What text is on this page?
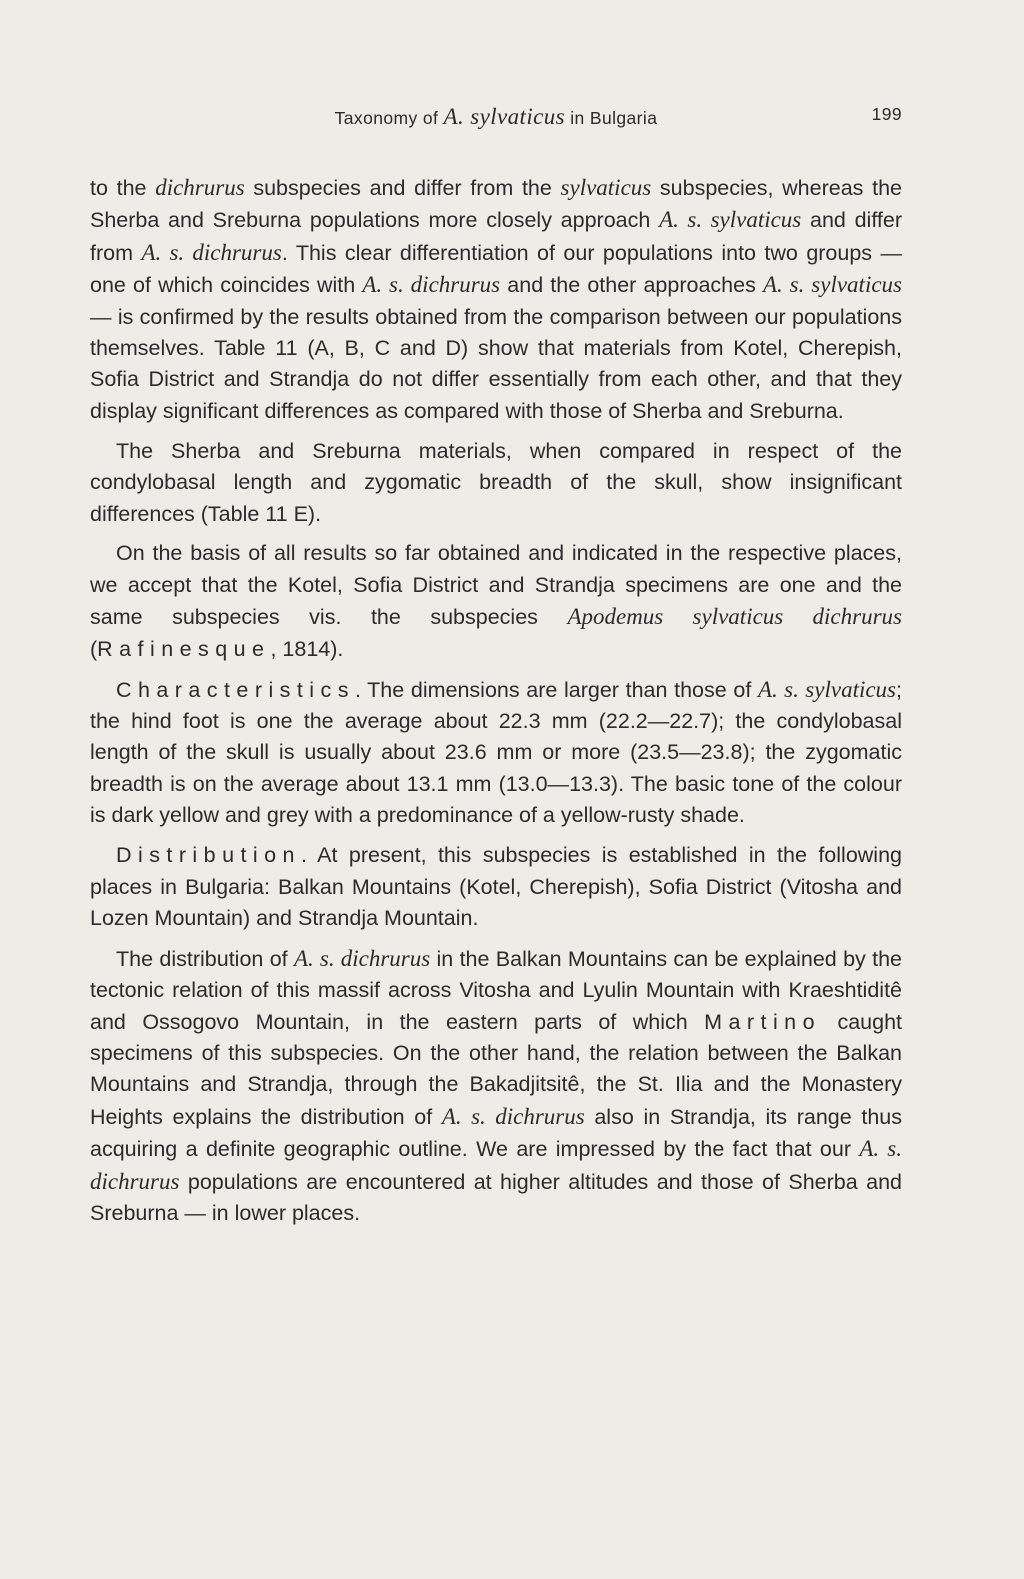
Taxonomy of A. sylvaticus in Bulgaria	199

to the dichrurus subspecies and differ from the sylvaticus subspecies, whereas the Sherba and Sreburna populations more closely approach A. s. sylvaticus and differ from A. s. dichrurus. This clear differentiation of our populations into two groups — one of which coincides with A. s. dichrurus and the other approaches A. s. sylvaticus — is confirmed by the results obtained from the comparison between our populations themselves. Table 11 (A, B, C and D) show that materials from Kotel, Cherepish, Sofia District and Strandja do not differ essentially from each other, and that they display significant differences as compared with those of Sherba and Sreburna.

The Sherba and Sreburna materials, when compared in respect of the condylobasal length and zygomatic breadth of the skull, show insignificant differences (Table 11 E).

On the basis of all results so far obtained and indicated in the respective places, we accept that the Kotel, Sofia District and Strandja specimens are one and the same subspecies vis. the subspecies Apodemus sylvaticus dichrurus (Rafinesque, 1814).

Characteristics. The dimensions are larger than those of A. s. sylvaticus; the hind foot is one the average about 22.3 mm (22.2—22.7); the condylobasal length of the skull is usually about 23.6 mm or more (23.5—23.8); the zygomatic breadth is on the average about 13.1 mm (13.0—13.3). The basic tone of the colour is dark yellow and grey with a predominance of a yellow-rusty shade.

Distribution. At present, this subspecies is established in the following places in Bulgaria: Balkan Mountains (Kotel, Cherepish), Sofia District (Vitosha and Lozen Mountain) and Strandja Mountain.

The distribution of A. s. dichrurus in the Balkan Mountains can be explained by the tectonic relation of this massif across Vitosha and Lyulin Mountain with Kraeshtiditê and Ossogovo Mountain, in the eastern parts of which Martino caught specimens of this subspecies. On the other hand, the relation between the Balkan Mountains and Strandja, through the Bakadjitsitê, the St. Ilia and the Monastery Heights explains the distribution of A. s. dichrurus also in Strandja, its range thus acquiring a definite geographic outline. We are impressed by the fact that our A. s. dichrurus populations are encountered at higher altitudes and those of Sherba and Sreburna — in lower places.
